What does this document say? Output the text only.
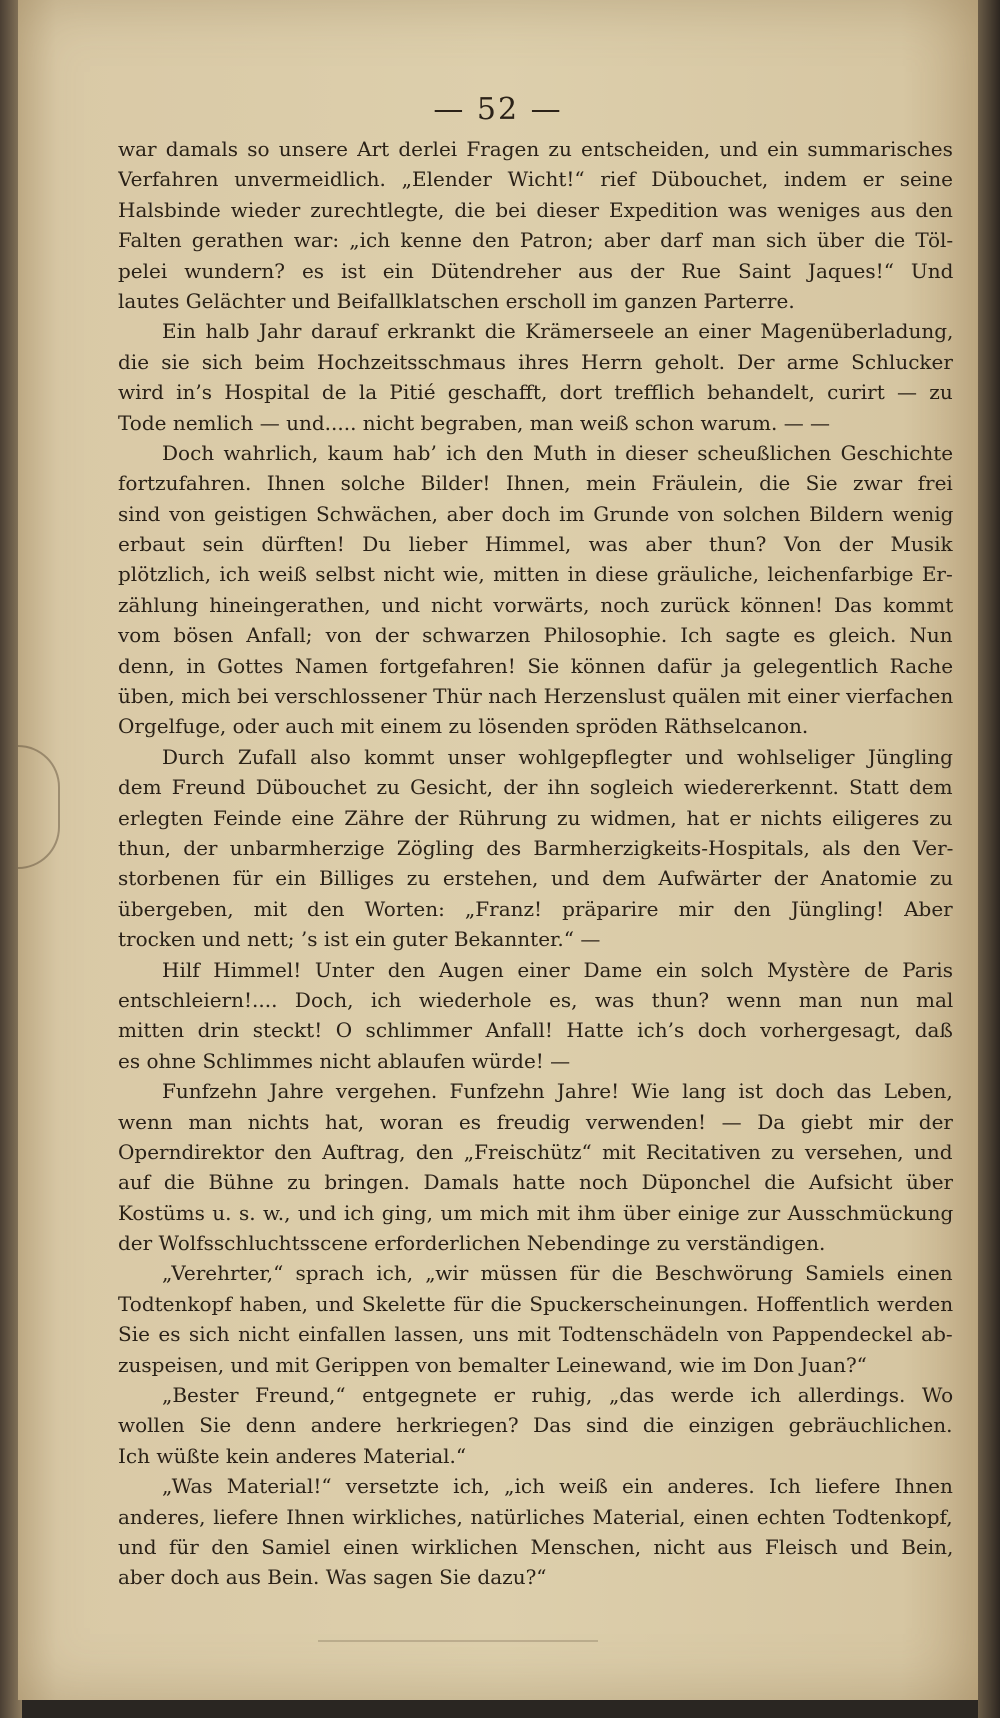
— 52 —
war damals so unsere Art derlei Fragen zu entscheiden, und ein summarisches
Verfahren unvermeidlich. „Elender Wicht!“ rief Dübouchet, indem er seine
Halsbinde wieder zurechtlegte, die bei dieser Expedition was weniges aus den
Falten gerathen war: „ich kenne den Patron; aber darf man sich über die Töl-
pelei wundern? es ist ein Dütendreher aus der Rue Saint Jaques!“ Und
lautes Gelächter und Beifallklatschen erscholl im ganzen Parterre.
Ein halb Jahr darauf erkrankt die Krämerseele an einer Magenüberladung,
die sie sich beim Hochzeitsschmaus ihres Herrn geholt. Der arme Schlucker
wird in’s Hospital de la Pitié geschafft, dort trefflich behandelt, curirt — zu
Tode nemlich — und..... nicht begraben, man weiß schon warum. — —
Doch wahrlich, kaum hab’ ich den Muth in dieser scheußlichen Geschichte
fortzufahren. Ihnen solche Bilder! Ihnen, mein Fräulein, die Sie zwar frei
sind von geistigen Schwächen, aber doch im Grunde von solchen Bildern wenig
erbaut sein dürften! Du lieber Himmel, was aber thun? Von der Musik
plötzlich, ich weiß selbst nicht wie, mitten in diese gräuliche, leichenfarbige Er-
zählung hineingerathen, und nicht vorwärts, noch zurück können! Das kommt
vom bösen Anfall; von der schwarzen Philosophie. Ich sagte es gleich. Nun
denn, in Gottes Namen fortgefahren! Sie können dafür ja gelegentlich Rache
üben, mich bei verschlossener Thür nach Herzenslust quälen mit einer vierfachen
Orgelfuge, oder auch mit einem zu lösenden spröden Räthselcanon.
Durch Zufall also kommt unser wohlgepflegter und wohlseliger Jüngling
dem Freund Dübouchet zu Gesicht, der ihn sogleich wiedererkennt. Statt dem
erlegten Feinde eine Zähre der Rührung zu widmen, hat er nichts eiligeres zu
thun, der unbarmherzige Zögling des Barmherzigkeits-Hospitals, als den Ver-
storbenen für ein Billiges zu erstehen, und dem Aufwärter der Anatomie zu
übergeben, mit den Worten: „Franz! präparire mir den Jüngling! Aber
trocken und nett; ’s ist ein guter Bekannter.“ —
Hilf Himmel! Unter den Augen einer Dame ein solch Mystère de Paris
entschleiern!.... Doch, ich wiederhole es, was thun? wenn man nun mal
mitten drin steckt! O schlimmer Anfall! Hatte ich’s doch vorhergesagt, daß
es ohne Schlimmes nicht ablaufen würde! —
Funfzehn Jahre vergehen. Funfzehn Jahre! Wie lang ist doch das Leben,
wenn man nichts hat, woran es freudig verwenden! — Da giebt mir der
Operndirektor den Auftrag, den „Freischütz“ mit Recitativen zu versehen, und
auf die Bühne zu bringen. Damals hatte noch Düponchel die Aufsicht über
Kostüms u. s. w., und ich ging, um mich mit ihm über einige zur Ausschmückung
der Wolfsschluchtsscene erforderlichen Nebendinge zu verständigen.
„Verehrter,“ sprach ich, „wir müssen für die Beschwörung Samiels einen
Todtenkopf haben, und Skelette für die Spuckerscheinungen. Hoffentlich werden
Sie es sich nicht einfallen lassen, uns mit Todtenschädeln von Pappendeckel ab-
zuspeisen, und mit Gerippen von bemalter Leinewand, wie im Don Juan?“
„Bester Freund,“ entgegnete er ruhig, „das werde ich allerdings. Wo
wollen Sie denn andere herkriegen? Das sind die einzigen gebräuchlichen.
Ich wüßte kein anderes Material.“
„Was Material!“ versetzte ich, „ich weiß ein anderes. Ich liefere Ihnen
anderes, liefere Ihnen wirkliches, natürliches Material, einen echten Todtenkopf,
und für den Samiel einen wirklichen Menschen, nicht aus Fleisch und Bein,
aber doch aus Bein. Was sagen Sie dazu?“
